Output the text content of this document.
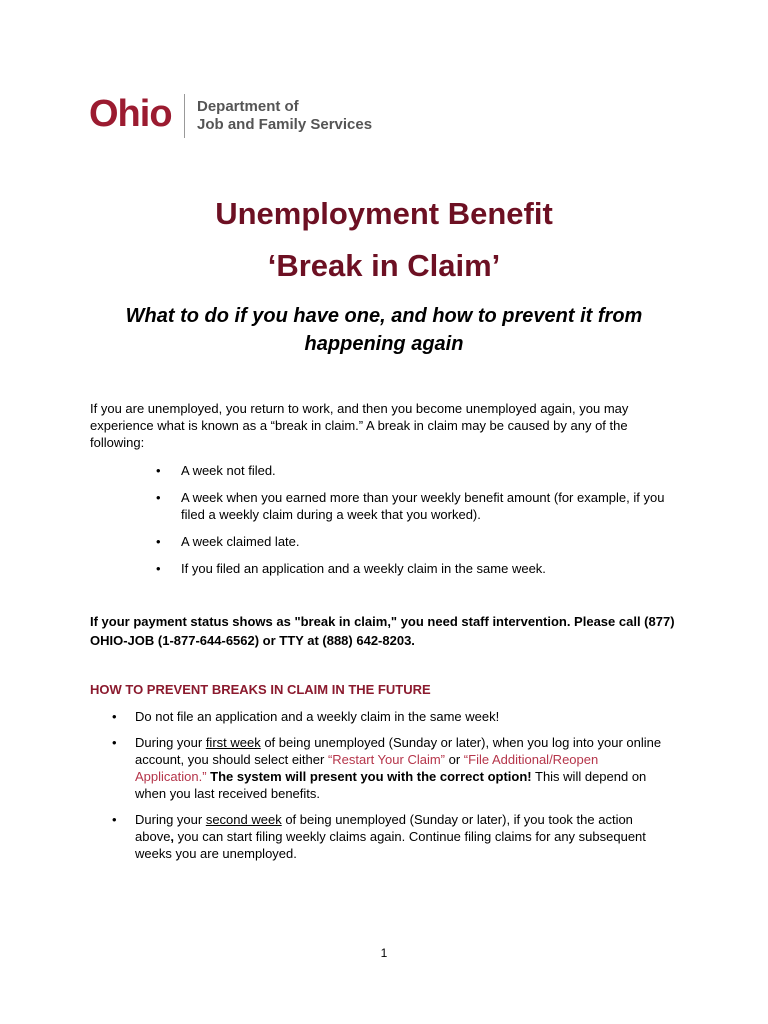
Ohio Department of
Job and Family Services
Unemployment Benefit
‘Break in Claim’

What to do if you have one, and how to prevent it from happening again

If you are unemployed, you return to work, and then you become unemployed again, you may experience what is known as a “break in claim.” A break in claim may be caused by any of the following:

• A week not filed.
• A week when you earned more than your weekly benefit amount (for example, if you filed a weekly claim during a week that you worked).
• A week claimed late.
• If you filed an application and a weekly claim in the same week.

If your payment status shows as "break in claim," you need staff intervention. Please call (877) OHIO-JOB (1-877-644-6562) or TTY at (888) 642-8203.

HOW TO PREVENT BREAKS IN CLAIM IN THE FUTURE

• Do not file an application and a weekly claim in the same week!
• During your first week of being unemployed (Sunday or later), when you log into your online account, you should select either “Restart Your Claim” or “File Additional/Reopen Application.” The system will present you with the correct option! This will depend on when you last received benefits.
• During your second week of being unemployed (Sunday or later), if you took the action above, you can start filing weekly claims again. Continue filing claims for any subsequent weeks you are unemployed.
1
